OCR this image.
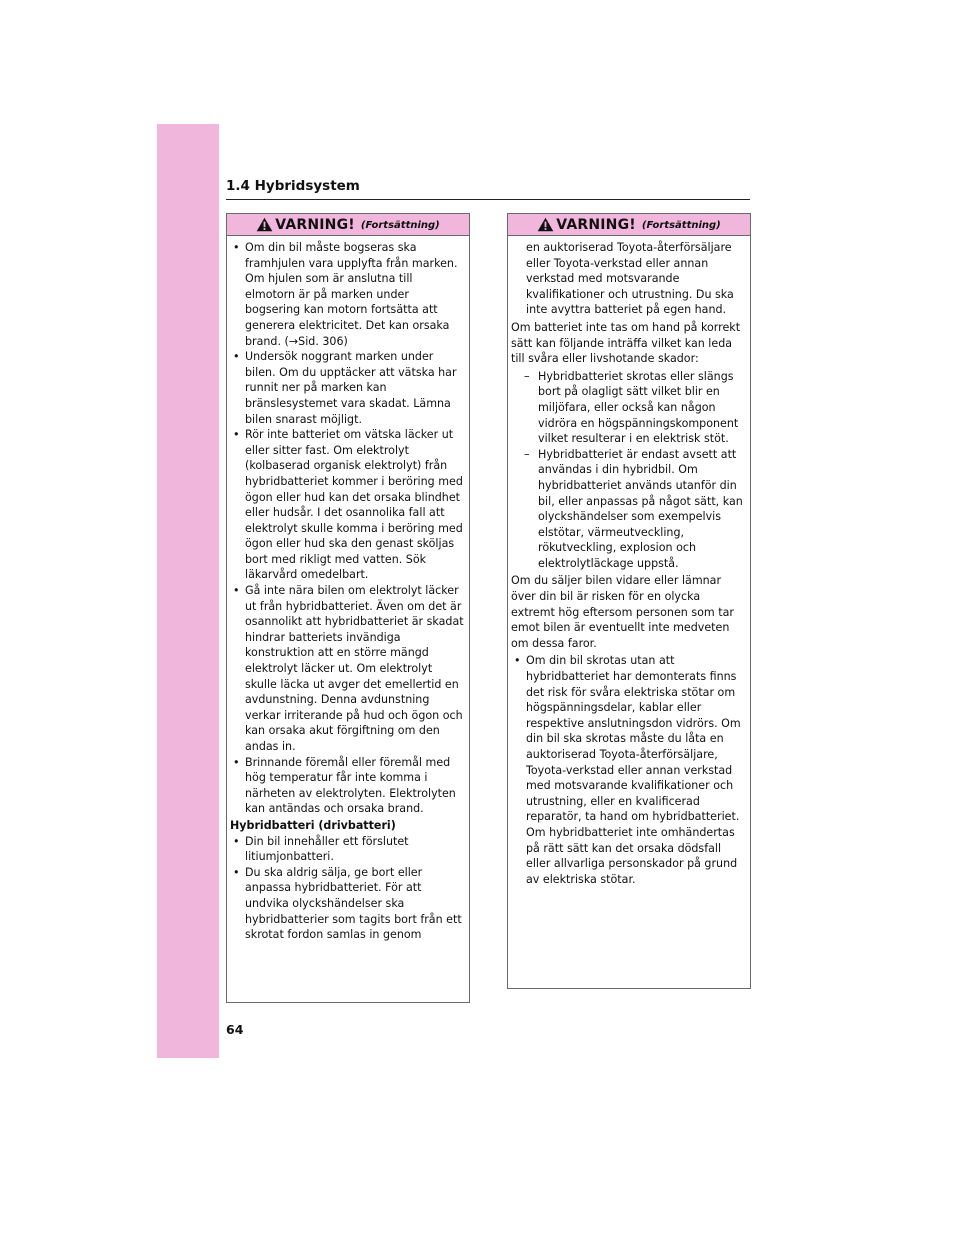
1.4 Hybridsystem
VARNING! (Fortsättning)

• Om din bil måste bogseras ska framhjulen vara upplyfta från marken. Om hjulen som är anslutna till elmotorn är på marken under bogsering kan motorn fortsätta att generera elektricitet. Det kan orsaka brand. (→Sid. 306)

• Undersök noggrant marken under bilen. Om du upptäcker att vätska har runnit ner på marken kan bränslesystemet vara skadat. Lämna bilen snarast möjligt.

• Rör inte batteriet om vätska läcker ut eller sitter fast. Om elektrolyt (kolbaserad organisk elektrolyt) från hybridbatteriet kommer i beröring med ögon eller hud kan det orsaka blindhet eller hudsår. I det osannolika fall att elektrolyt skulle komma i beröring med ögon eller hud ska den genast sköljas bort med rikligt med vatten. Sök läkarvård omedelbart.

• Gå inte nära bilen om elektrolyt läcker ut från hybridbatteriet. Även om det är osannolikt att hybridbatteriet är skadat hindrar batteriets invändiga konstruktion att en större mängd elektrolyt läcker ut. Om elektrolyt skulle läcka ut avger det emellertid en avdunstning. Denna avdunstning verkar irriterande på hud och ögon och kan orsaka akut förgiftning om den andas in.

• Brinnande föremål eller föremål med hög temperatur får inte komma i närheten av elektrolyten. Elektrolyten kan antändas och orsaka brand.

Hybridbatteri (drivbatteri)

• Din bil innehåller ett förslutet litiumjonbatteri.

• Du ska aldrig sälja, ge bort eller anpassa hybridbatteriet. För att undvika olyckshändelser ska hybridbatterier som tagits bort från ett skrotat fordon samlas in genom

VARNING! (Fortsättning)

en auktoriserad Toyota-återförsäljare eller Toyota-verkstad eller annan verkstad med motsvarande kvalifikationer och utrustning. Du ska inte avyttra batteriet på egen hand.

Om batteriet inte tas om hand på korrekt sätt kan följande inträffa vilket kan leda till svåra eller livshotande skador:

– Hybridbatteriet skrotas eller slängs bort på olagligt sätt vilket blir en miljöfara, eller också kan någon vidröra en högspänningskomponent vilket resulterar i en elektrisk stöt.

– Hybridbatteriet är endast avsett att användas i din hybridbil. Om hybridbatteriet används utanför din bil, eller anpassas på något sätt, kan olyckshändelser som exempelvis elstötar, värmeutveckling, rökutveckling, explosion och elektrolytläckage uppstå.

Om du säljer bilen vidare eller lämnar över din bil är risken för en olycka extremt hög eftersom personen som tar emot bilen är eventuellt inte medveten om dessa faror.

• Om din bil skrotas utan att hybridbatteriet har demonterats finns det risk för svåra elektriska stötar om högspänningsdelar, kablar eller respektive anslutningsdon vidrörs. Om din bil ska skrotas måste du låta en auktoriserad Toyota-återförsäljare, Toyota-verkstad eller annan verkstad med motsvarande kvalifikationer och utrustning, eller en kvalificerad reparatör, ta hand om hybridbatteriet. Om hybridbatteriet inte omhändertas på rätt sätt kan det orsaka dödsfall eller allvarliga personskador på grund av elektriska stötar.

64
